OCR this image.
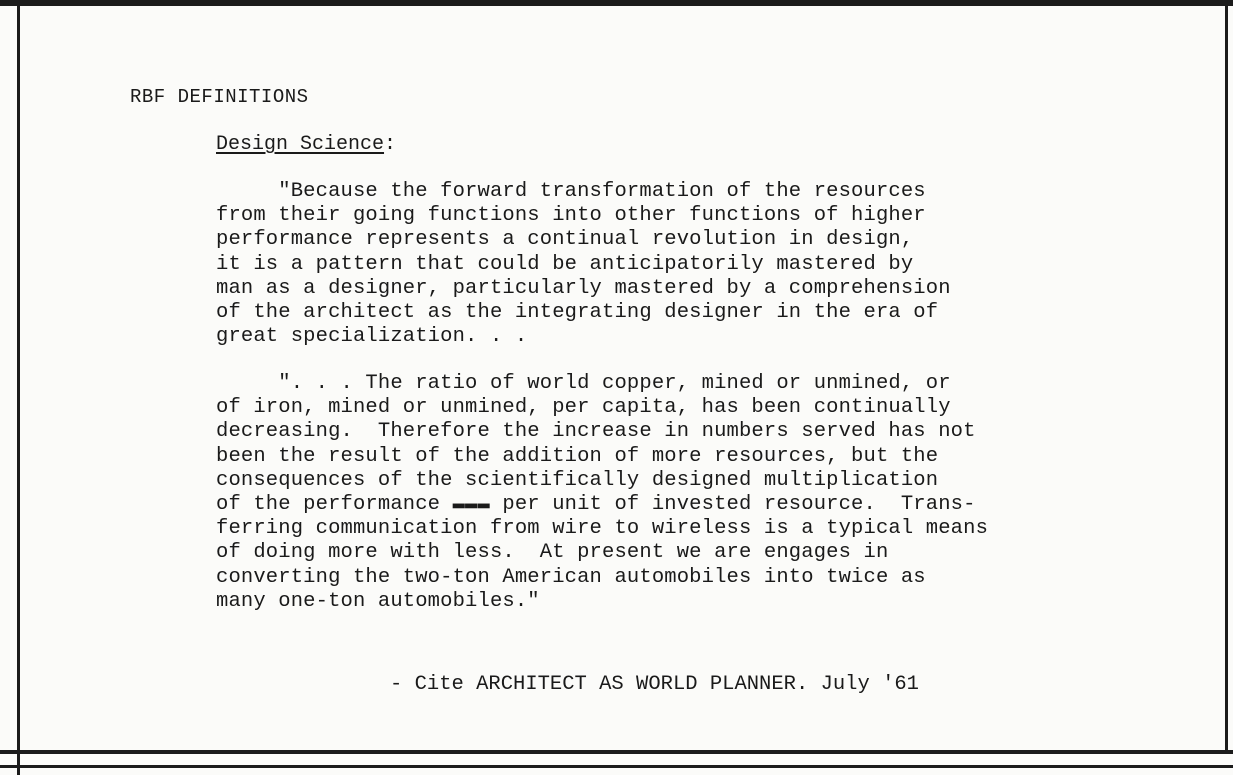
RBF DEFINITIONS
Design Science:
"Because the forward transformation of the resources
from their going functions into other functions of higher
performance represents a continual revolution in design,
it is a pattern that could be anticipatorily mastered by
man as a designer, particularly mastered by a comprehension
of the architect as the integrating designer in the era of
great specialization. . .
". . . The ratio of world copper, mined or unmined, or
of iron, mined or unmined, per capita, has been continually
decreasing.  Therefore the increase in numbers served has not
been the result of the addition of more resources, but the
consequences of the scientifically designed multiplication
of the performance ▬▬▬ per unit of invested resource.  Trans-
ferring communication from wire to wireless is a typical means
of doing more with less.  At present we are engages in
converting the two-ton American automobiles into twice as
many one-ton automobiles."
- Cite ARCHITECT AS WORLD PLANNER. July '61
